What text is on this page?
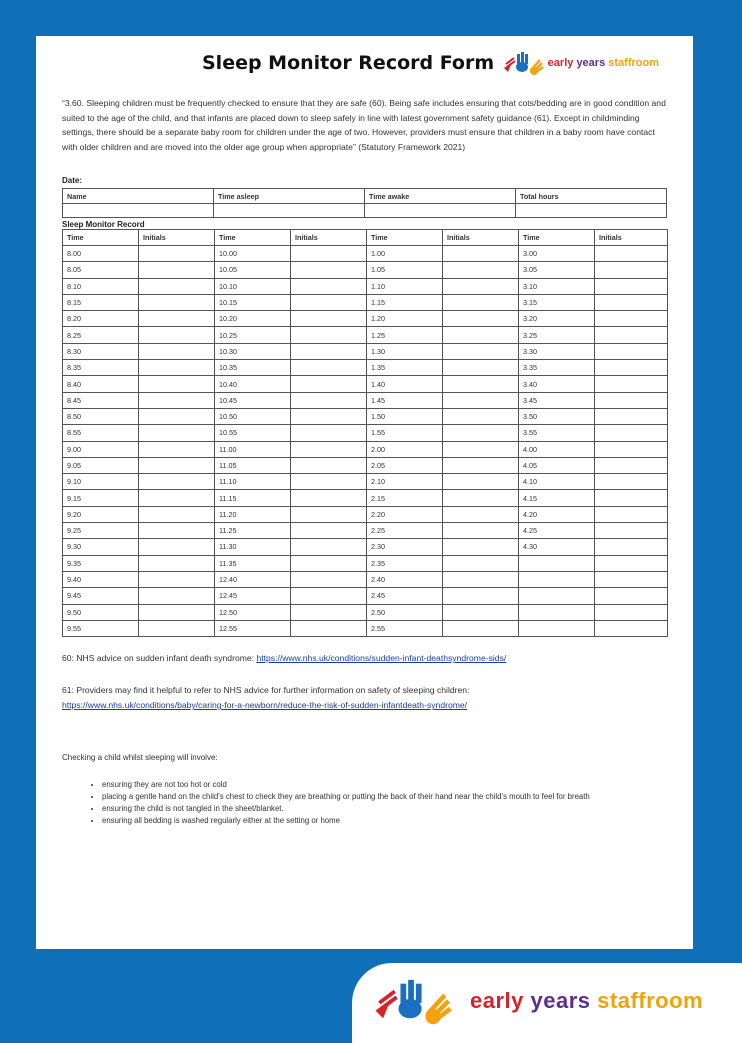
Sleep Monitor Record Form	early years staffroom
“3.60. Sleeping children must be frequently checked to ensure that they are safe (60). Being safe includes ensuring that cots/bedding are in good condition and suited to the age of the child, and that infants are placed down to sleep safely in line with latest government safety guidance (61). Except in childminding settings, there should be a separate baby room for children under the age of two. However, providers must ensure that children in a baby room have contact with older children and are moved into the older age group when appropriate” (Statutory Framework 2021)
Date:
Name	Time asleep	Time awake	Total hours

Sleep Monitor Record
Time	Initials	Time	Initials	Time	Initials	Time	Initials
8.00		10.00		1.00		3.00	
8.05		10.05		1.05		3.05	
8.10		10.10		1.10		3.10	
8.15		10.15		1.15		3.15	
8.20		10.20		1.20		3.20	
8.25		10.25		1.25		3.25	
8.30		10.30		1.30		3.30	
8.35		10.35		1.35		3.35	
8.40		10.40		1.40		3.40	
8.45		10.45		1.45		3.45	
8.50		10.50		1.50		3.50	
8.55		10.55		1.55		3.55	
9.00		11.00		2.00		4.00	
9.05		11.05		2.05		4.05	
9.10		11.10		2.10		4.10	
9.15		11.15		2.15		4.15	
9.20		11.20		2.20		4.20	
9.25		11.25		2.25		4.25	
9.30		11.30		2.30		4.30	
9.35		11.35		2.35			
9.40		12.40		2.40			
9.45		12.45		2.45			
9.50		12.50		2.50			
9.55		12.55		2.55			
60: NHS advice on sudden infant death syndrome: https://www.nhs.uk/conditions/sudden-infant-deathsyndrome-sids/
61: Providers may find it helpful to refer to NHS advice for further information on safety of sleeping children:
https://www.nhs.uk/conditions/baby/caring-for-a-newborn/reduce-the-risk-of-sudden-infantdeath-syndrome/
Checking a child whilst sleeping will involve:
• ensuring they are not too hot or cold
• placing a gentle hand on the child’s chest to check they are breathing or putting the back of their hand near the child’s mouth to feel for breath
• ensuring the child is not tangled in the sheet/blanket.
• ensuring all bedding is washed regularly either at the setting or home
early years staffroom
